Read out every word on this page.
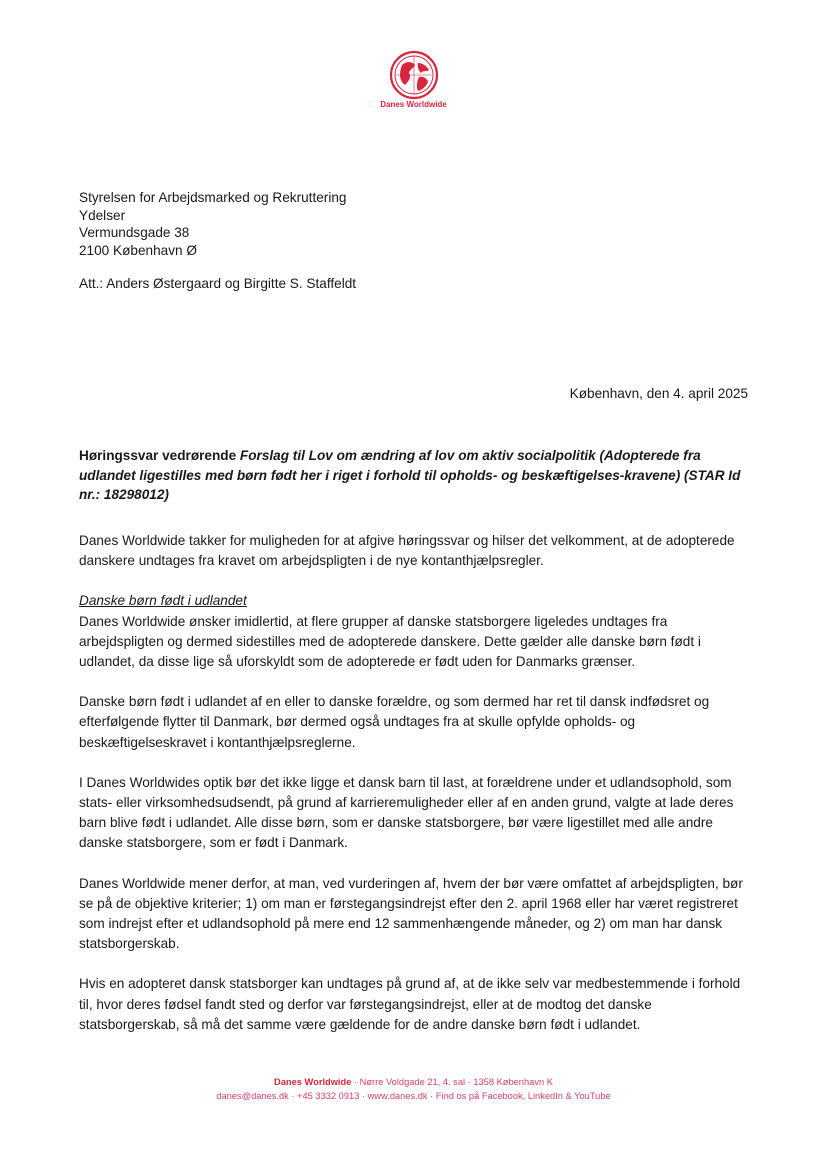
Danes Worldwide
Styrelsen for Arbejdsmarked og Rekruttering
Ydelser
Vermundsgade 38
2100 København Ø
Att.: Anders Østergaard og Birgitte S. Staffeldt
København, den 4. april 2025
Høringssvar vedrørende Forslag til Lov om ændring af lov om aktiv socialpolitik (Adopterede fra udlandet ligestilles med børn født her i riget i forhold til opholds- og beskæftigelses-kravene) (STAR Id nr.: 18298012)

Danes Worldwide takker for muligheden for at afgive høringssvar og hilser det velkomment, at de adopterede danskere undtages fra kravet om arbejdspligten i de nye kontanthjælpsregler.

Danske børn født i udlandet

Danes Worldwide ønsker imidlertid, at flere grupper af danske statsborgere ligeledes undtages fra arbejdspligten og dermed sidestilles med de adopterede danskere. Dette gælder alle danske børn født i udlandet, da disse lige så uforskyldt som de adopterede er født uden for Danmarks grænser.

Danske børn født i udlandet af en eller to danske forældre, og som dermed har ret til dansk indfødsret og efterfølgende flytter til Danmark, bør dermed også undtages fra at skulle opfylde opholds- og beskæftigelseskravet i kontanthjælpsreglerne.

I Danes Worldwides optik bør det ikke ligge et dansk barn til last, at forældrene under et udlandsophold, som stats- eller virksomhedsudsendt, på grund af karrieremuligheder eller af en anden grund, valgte at lade deres barn blive født i udlandet. Alle disse børn, som er danske statsborgere, bør være ligestillet med alle andre danske statsborgere, som er født i Danmark.

Danes Worldwide mener derfor, at man, ved vurderingen af, hvem der bør være omfattet af arbejdspligten, bør se på de objektive kriterier; 1) om man er førstegangsindrejst efter den 2. april 1968 eller har været registreret som indrejst efter et udlandsophold på mere end 12 sammenhængende måneder, og 2) om man har dansk statsborgerskab.

Hvis en adopteret dansk statsborger kan undtages på grund af, at de ikke selv var medbestemmende i forhold til, hvor deres fødsel fandt sted og derfor var førstegangsindrejst, eller at de modtog det danske statsborgerskab, så må det samme være gældende for de andre danske børn født i udlandet.

Danes Worldwide · Nørre Voldgade 21, 4. sal · 1358 København K
danes@danes.dk · +45 3332 0913 · www.danes.dk · Find os på Facebook, LinkedIn & YouTube
